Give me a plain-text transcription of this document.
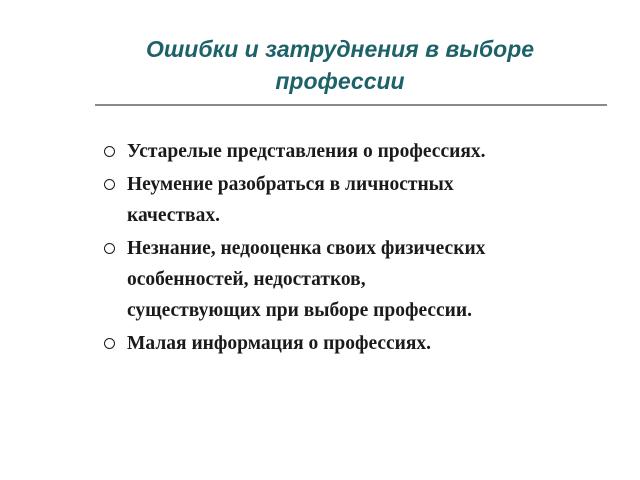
Ошибки и затруднения в выборе
профессии
Устарелые представления о профессиях.
Неумение разобраться в личностных
качествах.
Незнание, недооценка своих физических
особенностей, недостатков,
существующих при выборе профессии.
Малая информация о профессиях.
